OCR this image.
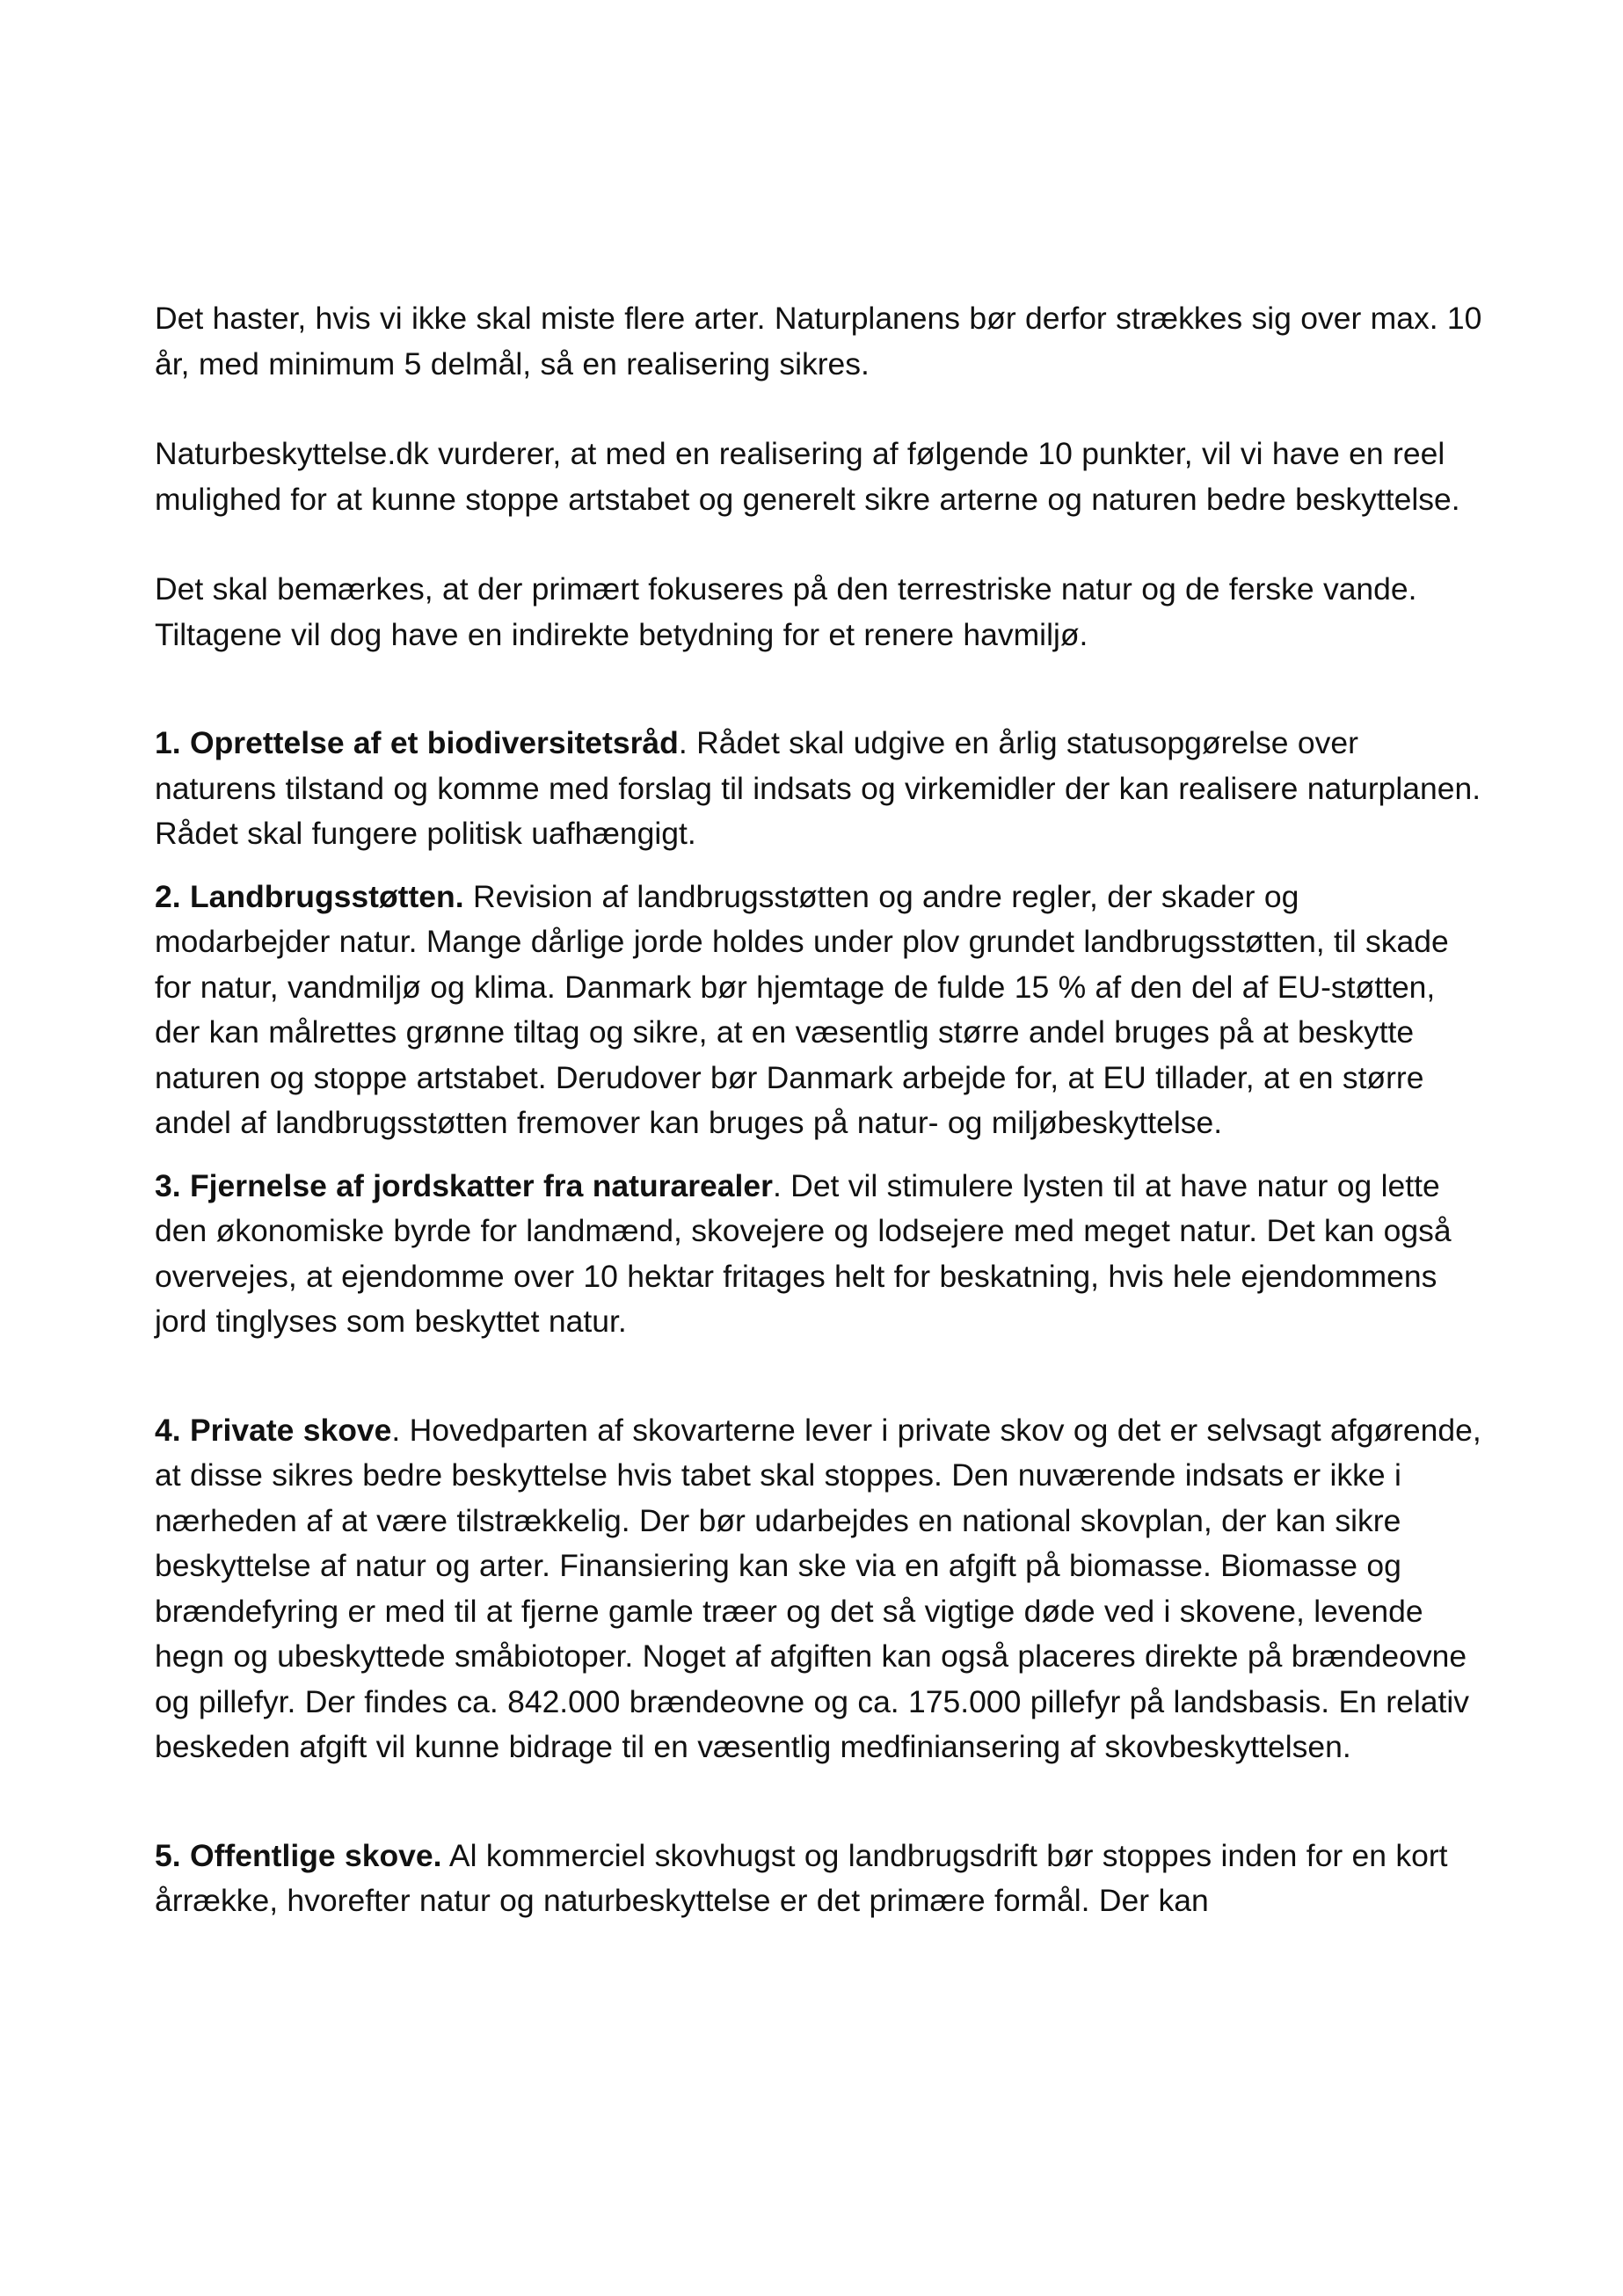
Det haster, hvis vi ikke skal miste flere arter. Naturplanens bør derfor strækkes sig over max. 10 år, med minimum 5 delmål, så en realisering sikres.

Naturbeskyttelse.dk vurderer, at med en realisering af følgende 10 punkter, vil vi have en reel mulighed for at kunne stoppe artstabet og generelt sikre arterne og naturen bedre beskyttelse.

Det skal bemærkes, at der primært fokuseres på den terrestriske natur og de ferske vande. Tiltagene vil dog have en indirekte betydning for et renere havmiljø.

1. Oprettelse af et biodiversitetsråd. Rådet skal udgive en årlig statusopgørelse over naturens tilstand og komme med forslag til indsats og virkemidler der kan realisere naturplanen. Rådet skal fungere politisk uafhængigt.

2. Landbrugsstøtten. Revision af landbrugsstøtten og andre regler, der skader og modarbejder natur. Mange dårlige jorde holdes under plov grundet landbrugsstøtten, til skade for natur, vandmiljø og klima. Danmark bør hjemtage de fulde 15 % af den del af EU-støtten, der kan målrettes grønne tiltag og sikre, at en væsentlig større andel bruges på at beskytte naturen og stoppe artstabet. Derudover bør Danmark arbejde for, at EU tillader, at en større andel af landbrugsstøtten fremover kan bruges på natur- og miljøbeskyttelse.

3. Fjernelse af jordskatter fra naturarealer. Det vil stimulere lysten til at have natur og lette den økonomiske byrde for landmænd, skovejere og lodsejere med meget natur. Det kan også overvejes, at ejendomme over 10 hektar fritages helt for beskatning, hvis hele ejendommens jord tinglyses som beskyttet natur.

4. Private skove. Hovedparten af skovarterne lever i private skov og det er selvsagt afgørende, at disse sikres bedre beskyttelse hvis tabet skal stoppes. Den nuværende indsats er ikke i nærheden af at være tilstrækkelig. Der bør udarbejdes en national skovplan, der kan sikre beskyttelse af natur og arter. Finansiering kan ske via en afgift på biomasse. Biomasse og brændefyring er med til at fjerne gamle træer og det så vigtige døde ved i skovene, levende hegn og ubeskyttede småbiotoper. Noget af afgiften kan også placeres direkte på brændeovne og pillefyr. Der findes ca. 842.000 brændeovne og ca. 175.000 pillefyr på landsbasis. En relativ beskeden afgift vil kunne bidrage til en væsentlig medfiniansering af skovbeskyttelsen.

5. Offentlige skove. Al kommerciel skovhugst og landbrugsdrift bør stoppes inden for en kort årrække, hvorefter natur og naturbeskyttelse er det primære formål. Der kan
